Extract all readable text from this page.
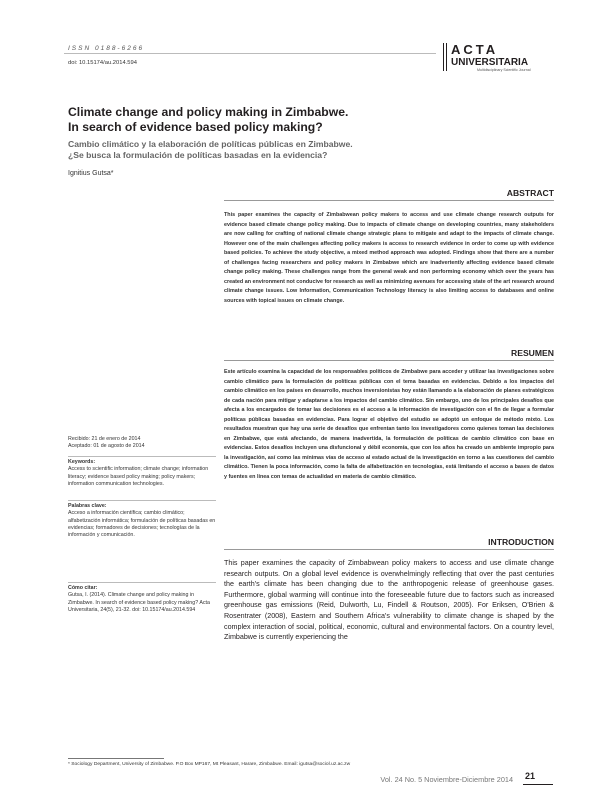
ISSN 0188-6266
doi: 10.15174/au.2014.594
ACTA
UNIVERSITARIA
Multidisciplinary Scientific Journal
Climate change and policy making in Zimbabwe.
In search of evidence based policy making?
Cambio climático y la elaboración de políticas públicas en Zimbabwe.
¿Se busca la formulación de políticas basadas en la evidencia?
Ignitius Gutsa*
ABSTRACT
This paper examines the capacity of Zimbabwean policy makers to access and use climate change research outputs for evidence based climate change policy making. Due to impacts of climate change on developing countries, many stakeholders are now calling for crafting of national climate change strategic plans to mitigate and adapt to the impacts of climate change. However one of the main challenges affecting policy makers is access to research evidence in order to come up with evidence based policies. To achieve the study objective, a mixed method approach was adopted. Findings show that there are a number of challenges facing researchers and policy makers in Zimbabwe which are inadvertently affecting evidence based climate change policy making. These challenges range from the general weak and non performing economy which over the years has created an environment not conducive for research as well as minimizing avenues for accessing state of the art research around climate change issues. Low Information, Communication Technology literacy is also limiting access to databases and online sources with topical issues on climate change.
RESUMEN
Este artículo examina la capacidad de los responsables políticos de Zimbabwe para acceder y utilizar las investigaciones sobre cambio climático para la formulación de políticas públicas con el tema basadas en evidencias. Debido a los impactos del cambio climático en los países en desarrollo, muchos inversionistas hoy están llamando a la elaboración de planes estratégicos de cada nación para mitigar y adaptarse a los impactos del cambio climático. Sin embargo, uno de los principales desafíos que afecta a los encargados de tomar las decisiones es el acceso a la información de investigación con el fin de llegar a formular políticas públicas basadas en evidencias. Para lograr el objetivo del estudio se adoptó un enfoque de método mixto. Los resultados muestran que hay una serie de desafíos que enfrentan tanto los investigadores como quienes toman las decisiones en Zimbabwe, que está afectando, de manera inadvertida, la formulación de políticas de cambio climático con base en evidencias. Estos desafíos incluyen una disfuncional y débil economía, que con los años ha creado un ambiente impropio para la investigación, así como las mínimas vías de acceso al estado actual de la investigación en torno a las cuestiones del cambio climático. Tienen la poca información, como la falta de alfabetización en tecnologías, está limitando el acceso a bases de datos y fuentes en línea con temas de actualidad en materia de cambio climático.
INTRODUCTION
This paper examines the capacity of Zimbabwean policy makers to access and use climate change research outputs. On a global level evidence is overwhelmingly reflecting that over the past centuries the earth's climate has been changing due to the anthropogenic release of greenhouse gases. Furthermore, global warming will continue into the foreseeable future due to factors such as increased greenhouse gas emissions (Reid, Dulworth, Lu, Findell & Routson, 2005). For Eriksen, O'Brien & Rosentrater (2008), Eastern and Southern Africa's vulnerability to climate change is shaped by the complex interaction of social, political, economic, cultural and environmental factors. On a country level, Zimbabwe is currently experiencing the
Recibido: 21 de enero de 2014
Aceptado: 01 de agosto de 2014
Keywords:
Access to scientific information; climate change; information literacy; evidence based policy making; policy makers; information communication technologies.
Palabras clave:
Acceso a información científica; cambio climático; alfabetización informática; formulación de políticas basadas en evidencias; formadores de decisiones; tecnologías de la información y comunicación.
Cómo citar:
Gutsa, I. (2014). Climate change and policy making in Zimbabwe. In search of evidence based policy making? Acta Universitaria, 24(5), 21-32. doi: 10.15174/au.2014.594
* Sociology Department, University of Zimbabwe. P.O Box MP167, Mt Pleasant, Harare, Zimbabwe. Email: igutsa@sociol.uz.ac.zw
Vol. 24 No. 5 Noviembre-Diciembre 2014 21
